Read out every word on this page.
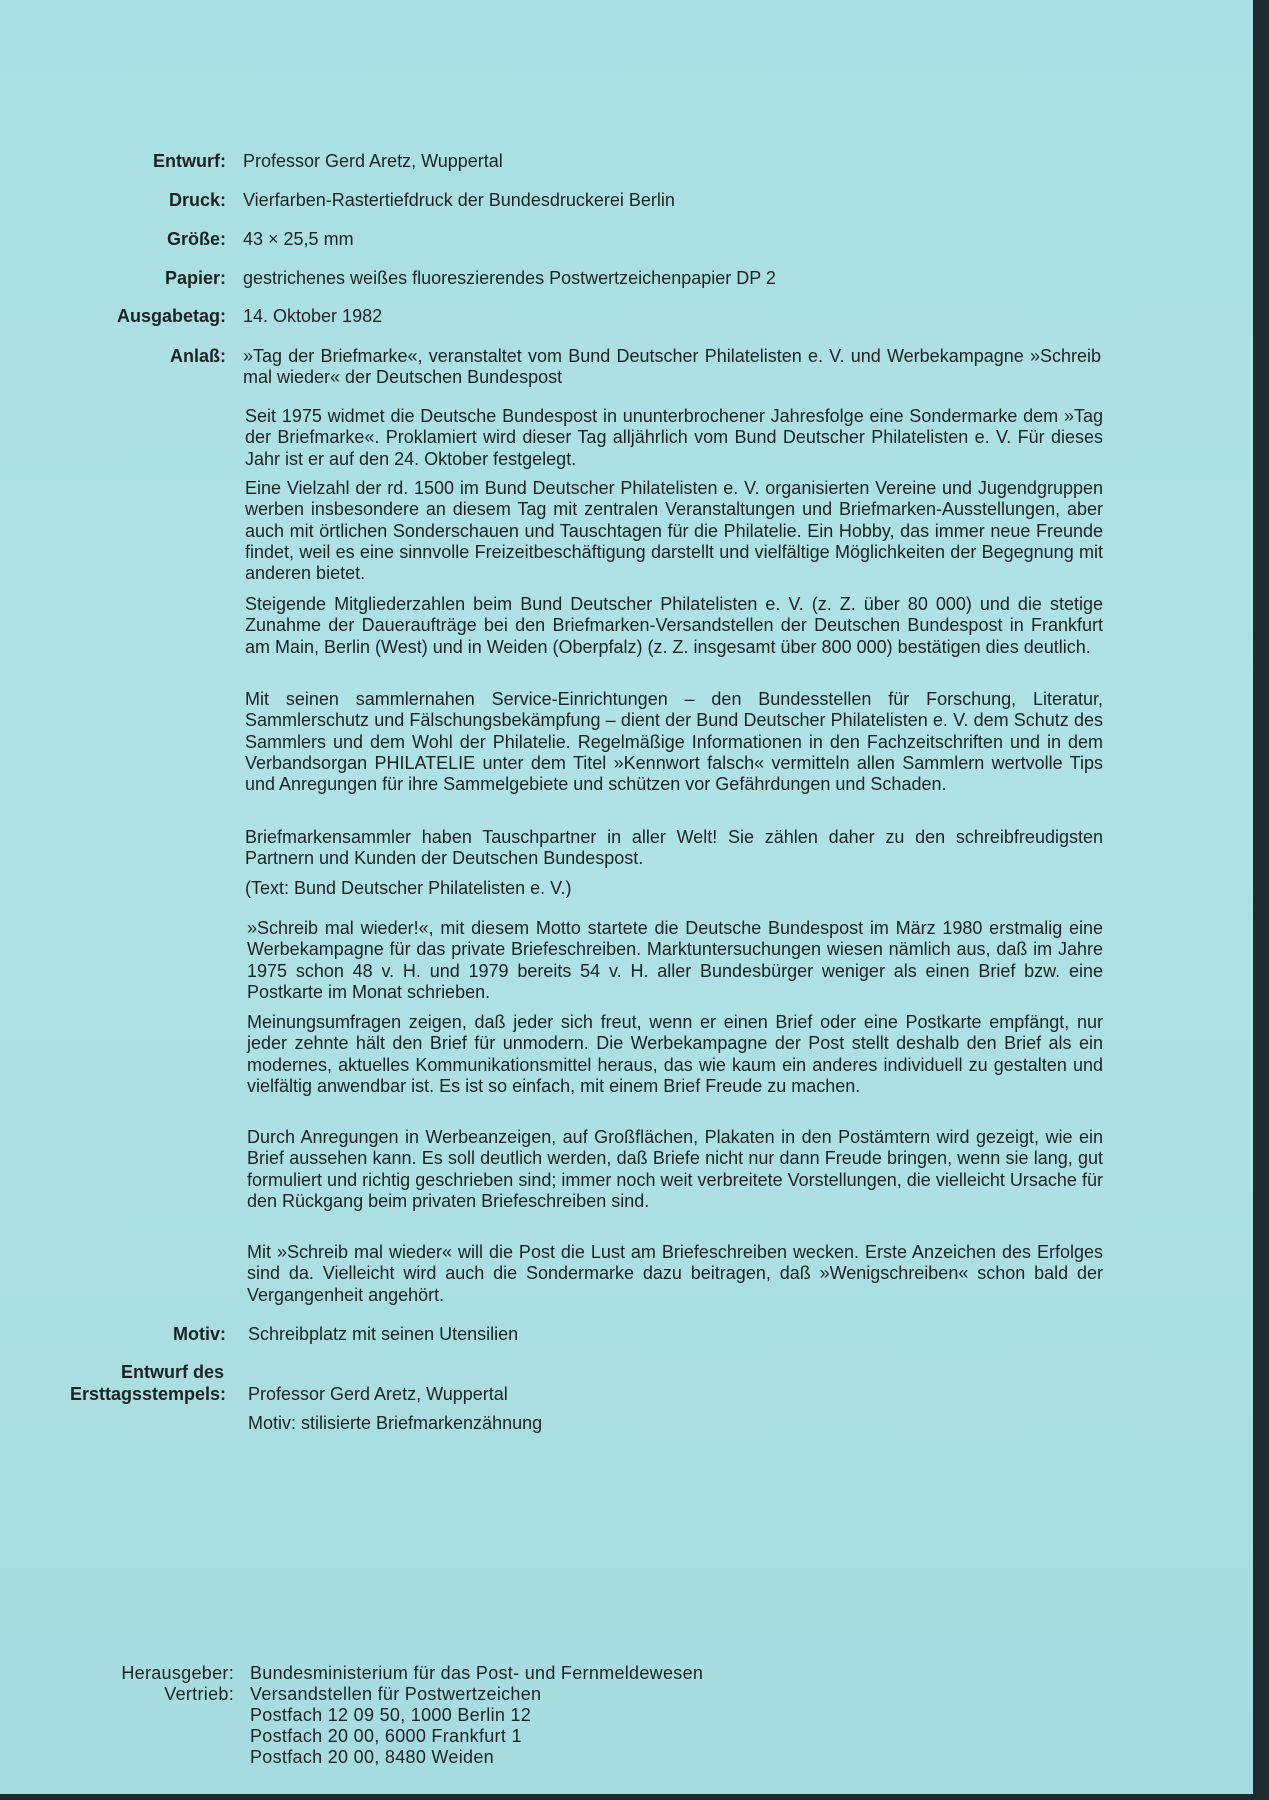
Entwurf: Professor Gerd Aretz, Wuppertal
Druck: Vierfarben-Rastertiefdruck der Bundesdruckerei Berlin
Größe: 43 × 25,5 mm
Papier: gestrichenes weißes fluoreszierendes Postwertzeichenpapier DP 2
Ausgabetag: 14. Oktober 1982
Anlaß: »Tag der Briefmarke«, veranstaltet vom Bund Deutscher Philatelisten e. V. und Werbekampagne »Schreib mal wieder« der Deutschen Bundespost
Seit 1975 widmet die Deutsche Bundespost in ununterbrochener Jahresfolge eine Sondermarke dem »Tag der Briefmarke«. Proklamiert wird dieser Tag alljährlich vom Bund Deutscher Philatelisten e. V. Für dieses Jahr ist er auf den 24. Oktober festgelegt.
Eine Vielzahl der rd. 1500 im Bund Deutscher Philatelisten e. V. organisierten Vereine und Jugendgruppen werben insbesondere an diesem Tag mit zentralen Veranstaltungen und Briefmarken-Ausstellungen, aber auch mit örtlichen Sonderschauen und Tauschtagen für die Philatelie. Ein Hobby, das immer neue Freunde findet, weil es eine sinnvolle Freizeitbeschäftigung darstellt und vielfältige Möglichkeiten der Begegnung mit anderen bietet.
Steigende Mitgliederzahlen beim Bund Deutscher Philatelisten e. V. (z. Z. über 80 000) und die stetige Zunahme der Daueraufträge bei den Briefmarken-Versandstellen der Deutschen Bundespost in Frankfurt am Main, Berlin (West) und in Weiden (Oberpfalz) (z. Z. insgesamt über 800 000) bestätigen dies deutlich.
Mit seinen sammlernahen Service-Einrichtungen – den Bundesstellen für Forschung, Literatur, Sammlerschutz und Fälschungsbekämpfung – dient der Bund Deutscher Philatelisten e. V. dem Schutz des Sammlers und dem Wohl der Philatelie. Regelmäßige Informationen in den Fachzeitschriften und in dem Verbandsorgan PHILATELIE unter dem Titel »Kennwort falsch« vermitteln allen Sammlern wertvolle Tips und Anregungen für ihre Sammelgebiete und schützen vor Gefährdungen und Schaden.
Briefmarkensammler haben Tauschpartner in aller Welt! Sie zählen daher zu den schreibfreudigsten Partnern und Kunden der Deutschen Bundespost.
(Text: Bund Deutscher Philatelisten e. V.)
»Schreib mal wieder!«, mit diesem Motto startete die Deutsche Bundespost im März 1980 erstmalig eine Werbekampagne für das private Briefeschreiben. Marktuntersuchungen wiesen nämlich aus, daß im Jahre 1975 schon 48 v. H. und 1979 bereits 54 v. H. aller Bundesbürger weniger als einen Brief bzw. eine Postkarte im Monat schrieben.
Meinungsumfragen zeigen, daß jeder sich freut, wenn er einen Brief oder eine Postkarte empfängt, nur jeder zehnte hält den Brief für unmodern. Die Werbekampagne der Post stellt deshalb den Brief als ein modernes, aktuelles Kommunikationsmittel heraus, das wie kaum ein anderes individuell zu gestalten und vielfältig anwendbar ist. Es ist so einfach, mit einem Brief Freude zu machen.
Durch Anregungen in Werbeanzeigen, auf Großflächen, Plakaten in den Postämtern wird gezeigt, wie ein Brief aussehen kann. Es soll deutlich werden, daß Briefe nicht nur dann Freude bringen, wenn sie lang, gut formuliert und richtig geschrieben sind; immer noch weit verbreitete Vorstellungen, die vielleicht Ursache für den Rückgang beim privaten Briefeschreiben sind.
Mit »Schreib mal wieder« will die Post die Lust am Briefeschreiben wecken. Erste Anzeichen des Erfolges sind da. Vielleicht wird auch die Sondermarke dazu beitragen, daß »Wenigschreiben« schon bald der Vergangenheit angehört.
Motiv: Schreibplatz mit seinen Utensilien
Entwurf des
Ersttagsstempels: Professor Gerd Aretz, Wuppertal
Motiv: stilisierte Briefmarkenzähnung
Herausgeber: Bundesministerium für das Post- und Fernmeldewesen
Vertrieb: Versandstellen für Postwertzeichen
Postfach 12 09 50, 1000 Berlin 12
Postfach 20 00, 6000 Frankfurt 1
Postfach 20 00, 8480 Weiden
